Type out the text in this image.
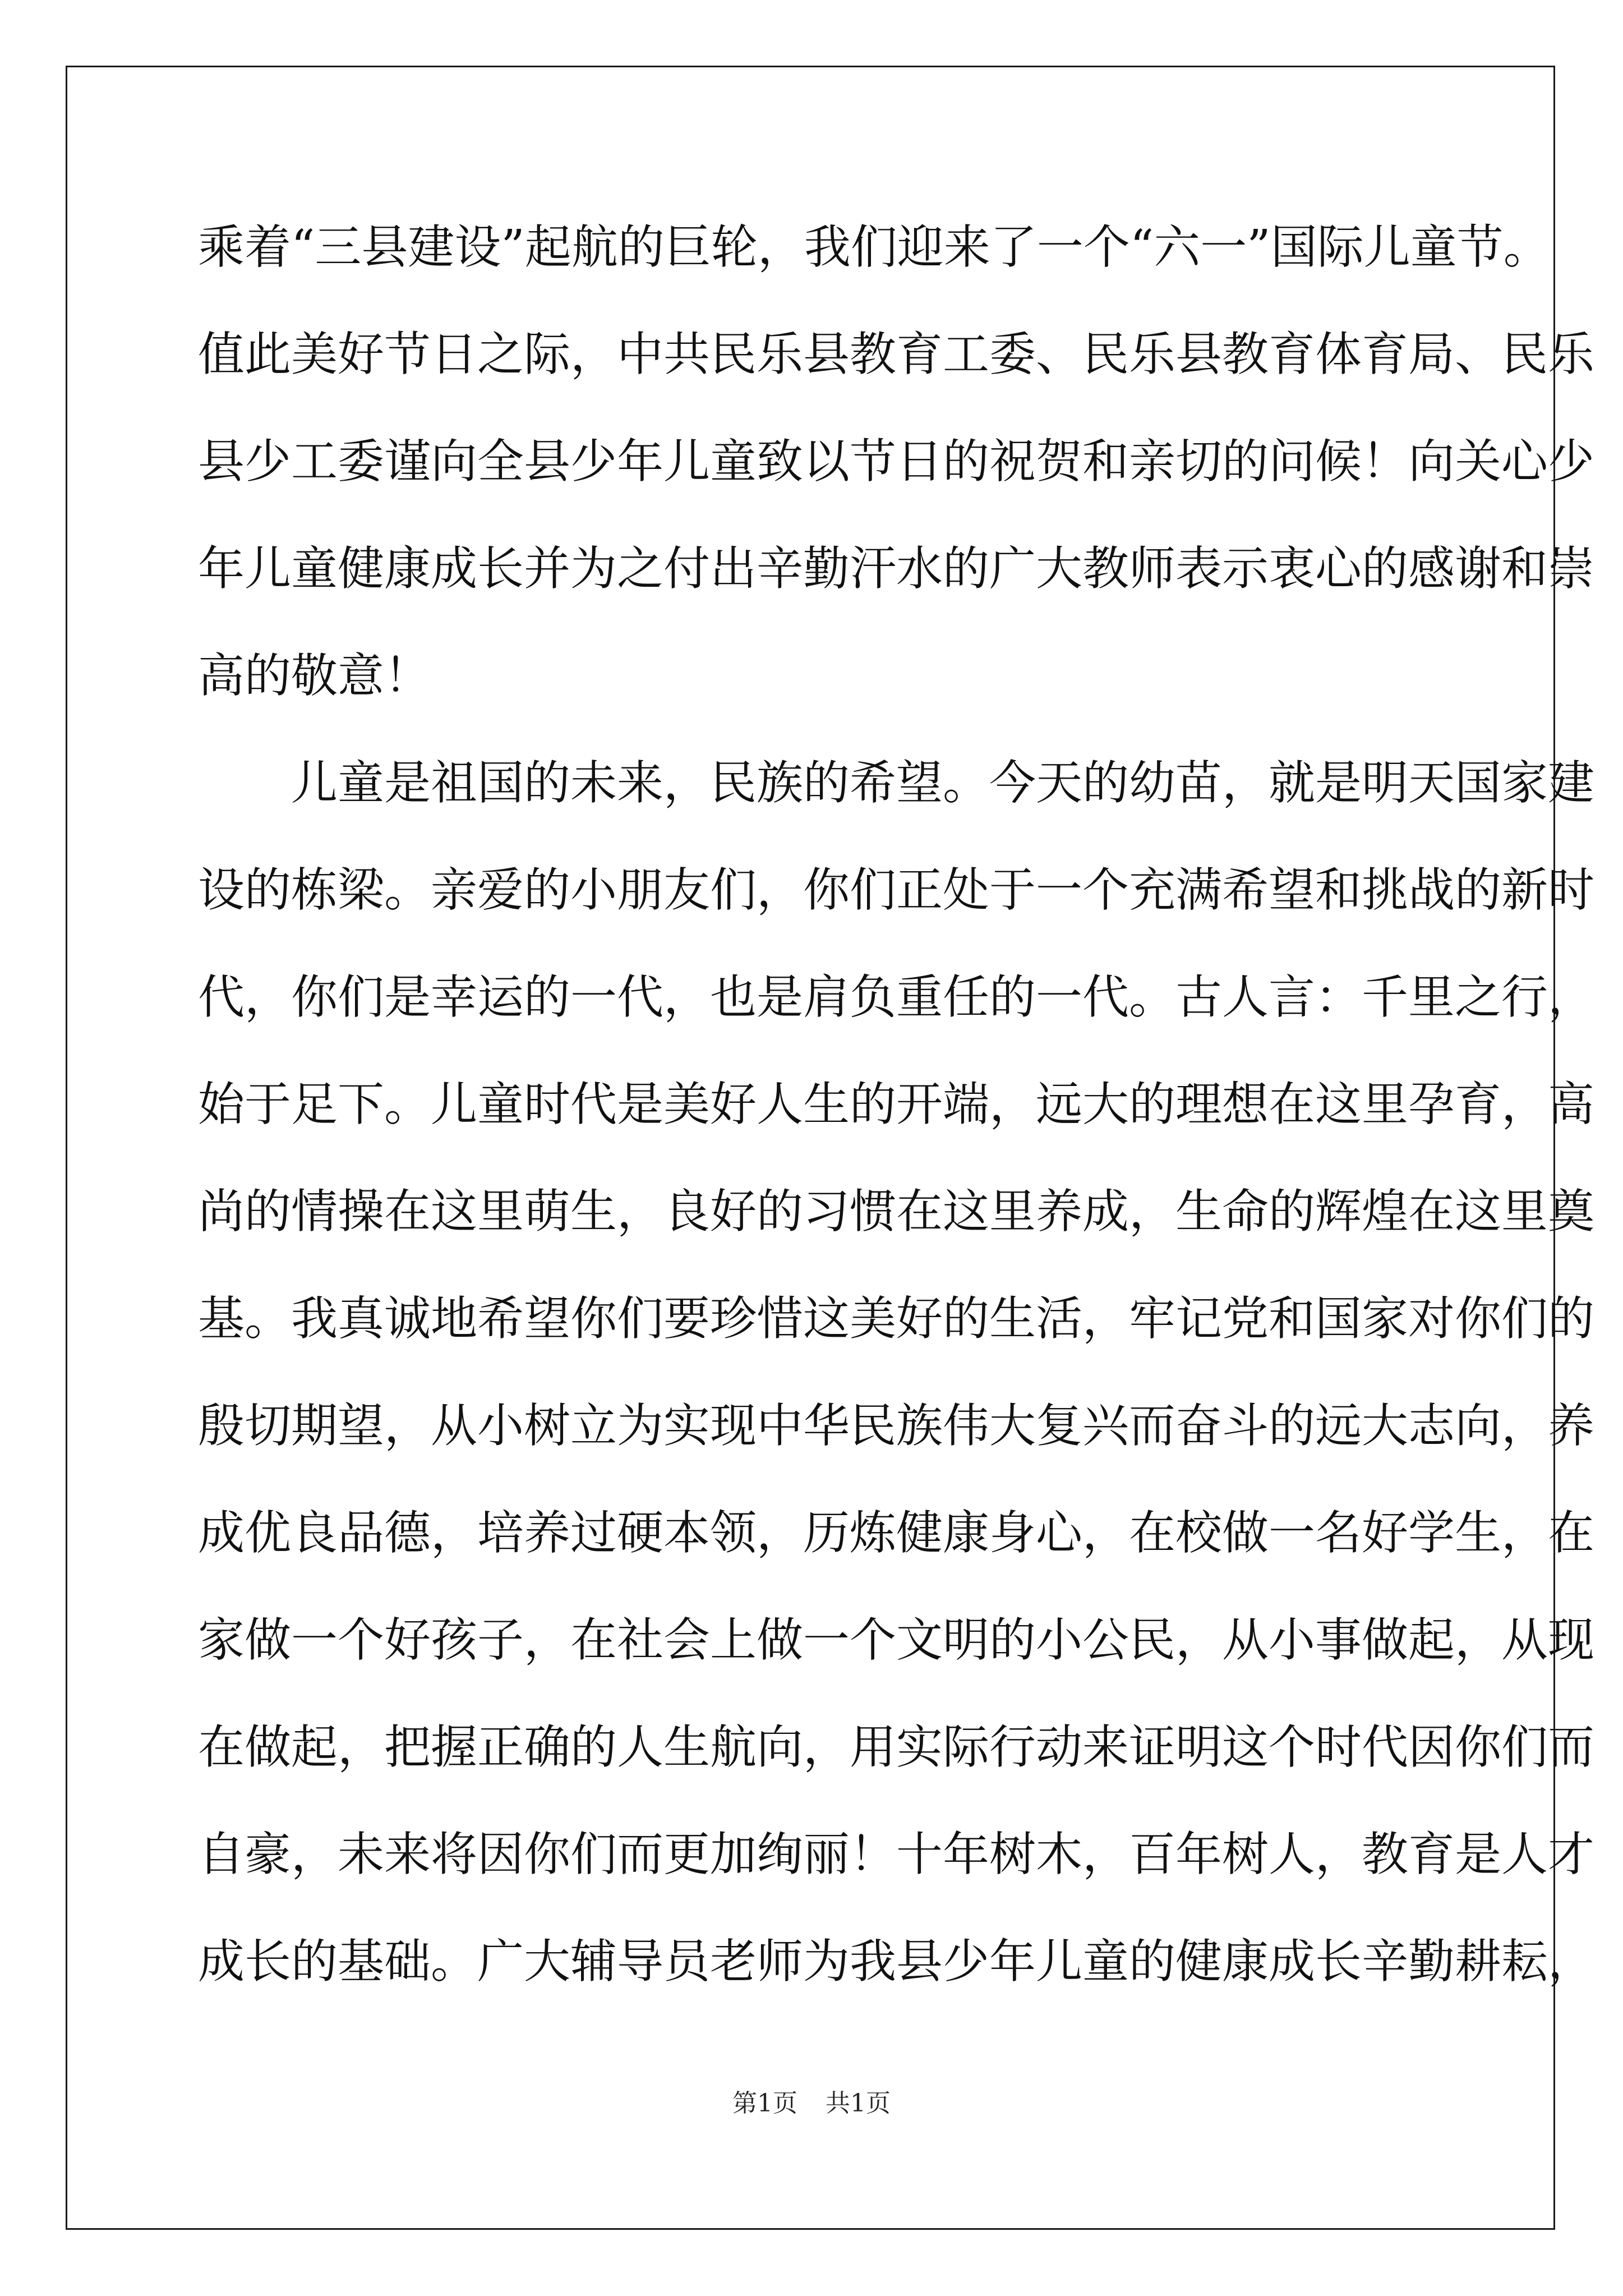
乘着“三县建设”起航的巨轮，我们迎来了一个“六一”国际儿童节。
值此美好节日之际，中共民乐县教育工委、民乐县教育体育局、民乐
县少工委谨向全县少年儿童致以节日的祝贺和亲切的问候！向关心少
年儿童健康成长并为之付出辛勤汗水的广大教师表示衷心的感谢和崇
高的敬意！
儿童是祖国的未来，民族的希望。今天的幼苗，就是明天国家建
设的栋梁。亲爱的小朋友们，你们正处于一个充满希望和挑战的新时
代，你们是幸运的一代，也是肩负重任的一代。古人言：千里之行，
始于足下。儿童时代是美好人生的开端，远大的理想在这里孕育，高
尚的情操在这里萌生，良好的习惯在这里养成，生命的辉煌在这里奠
基。我真诚地希望你们要珍惜这美好的生活，牢记党和国家对你们的
殷切期望，从小树立为实现中华民族伟大复兴而奋斗的远大志向，养
成优良品德，培养过硬本领，历炼健康身心，在校做一名好学生，在
家做一个好孩子，在社会上做一个文明的小公民，从小事做起，从现
在做起，把握正确的人生航向，用实际行动来证明这个时代因你们而
自豪，未来将因你们而更加绚丽！十年树木，百年树人，教育是人才
成长的基础。广大辅导员老师为我县少年儿童的健康成长辛勤耕耘，
第1页 共1页
